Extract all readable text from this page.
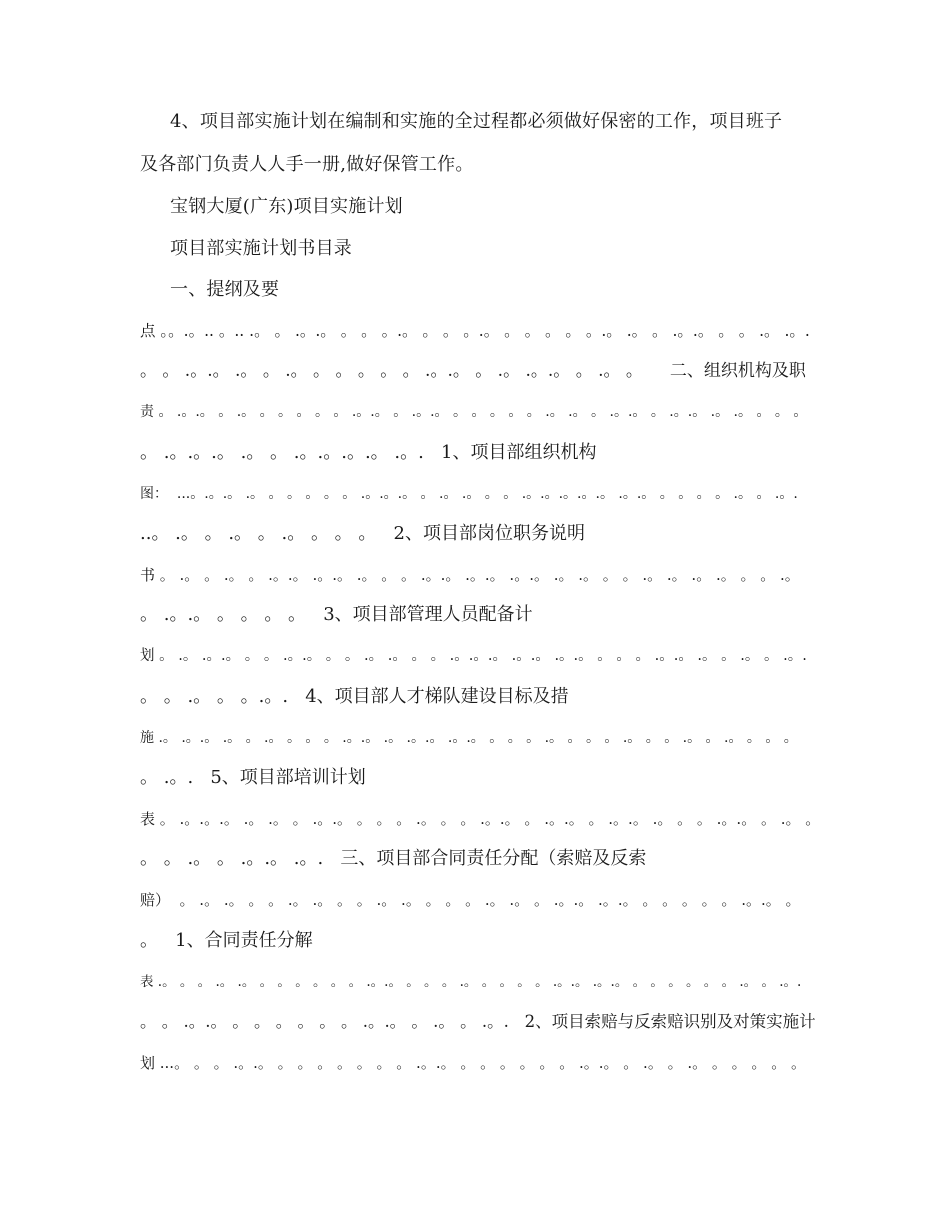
4、项目部实施计划在编制和实施的全过程都必须做好保密的工作，项目班子
及各部门负责人人手一册,做好保管工作。
宝钢大厦(广东)项目实施计划
项目部实施计划书目录
一、提纲及要
点 。。.。.. 。.. .。 。 .。.。 。 。 。.。 。 。 。.。 。 。 。 。 。.。 .。 。 .。.。 。 。 .。 .。.
。 。 .。.。 .。 。 .。 。 。 。 。 。 .。.。 。 .。 .。.。 。 .。 。     二、组织机构及职
责 。 .。.。 。 .。 。 。 。 。 。 .。.。 。 .。.。 。 。 。 。 。 .。 .。 。 .。.。 。 .。.。 .。 .。 。 。 。
。 .。.。.。 .。 。 .。.。.。.。 .。.   1、项目部组织机构
图：  ...。.。.。 .。 。 。 。 。 。 .。.。.。 。 .。 .。 。 。 .。.。.。.。.。 .。.。 。 。 。 。 .。 。 .。.
..。 .。 。 .。 。 .。 。 。 。   2、项目部岗位职务说明
书 。 .。 。 .。 。 .。.。 .。.。 .。 。 。 .。.。 .。.。 .。.。 .。 .。 。 。 .。 .。 .。 .。 。 。 .。
。 .。.。 。 。 。 。   3、项目部管理人员配备计
划 。 .。 .。.。 。 。 .。.。 。 。 .。 .。 。 。 .。.。.。 .。.。 .。.。 。 。 。 .。.。 .。 。 .。 。 .。.
。 。 .。 。 。.。.   4、项目部人才梯队建设目标及措
施 .。 .。.。 .。 。 .。 。 。 。 .。.。 .。 .。.。 .。.。 。 。 。 .。 。 。 。 .。 。 。 .。 。 .。 。 。 。
。 .。.   5、项目部培训计划
表 。 .。.。.。 .。 .。 。 .。.。 。 。 。 .。 。 。 .。.。 。 .。.。 。 .。.。 .。 。 。 .。.。 。 .。 。
。 。 .。 。 .。.。 .。.   三、项目部合同责任分配（索赔及反索
赔）  。 .。 .。 。 。 .。 .。 。 。 .。 .。 。 。 。 .。 .。 。 .。.。 .。.。 。 。 。 。 。 .。.。 。
。   1、合同责任分解
表 .。 。 。 .。 .。 。 。 。 。 。 。 .。.。 。 。 。 .。 。 。 。 。 .。.。 .。.。 。 。 。 。 。 。 .。 。 .。.
。 。 .。.。 。 。 。 。 。 。 .。.。 。 .。 。 .。.   2、项目索赔与反索赔识别及对策实施计
划 ...。 。 。 .。.。 。 。 。 。 。 。 。 .。.。 。 。 。 。 。 。 .。.。 。 .。 。 .。 。 。 。 。 。
